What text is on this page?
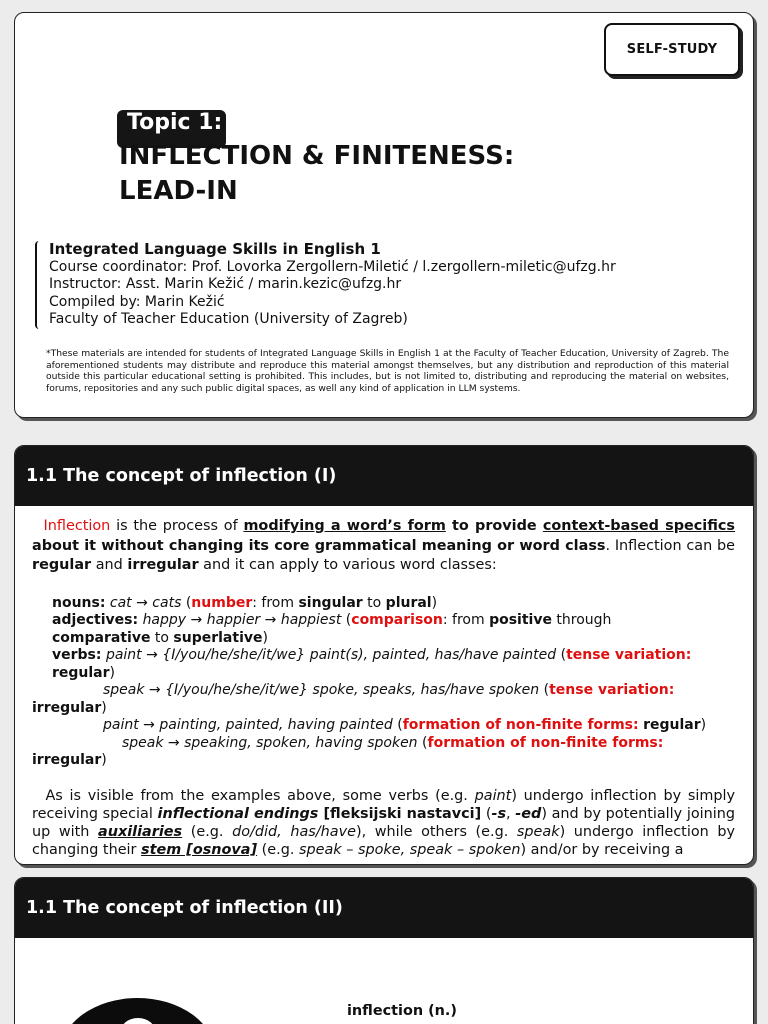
SELF-STUDY
Topic 1:
INFLECTION & FINITENESS:
LEAD-IN
Integrated Language Skills in English 1
Course coordinator: Prof. Lovorka Zergollern-Miletić / l.zergollern-miletic@ufzg.hr
Instructor: Asst. Marin Kežić / marin.kezic@ufzg.hr
Compiled by: Marin Kežić
Faculty of Teacher Education (University of Zagreb)
*These materials are intended for students of Integrated Language Skills in English 1 at the Faculty of Teacher Education, University of Zagreb. The aforementioned students may distribute and reproduce this material amongst themselves, but any distribution and reproduction of this material outside this particular educational setting is prohibited. This includes, but is not limited to, distributing and reproducing the material on websites, forums, repositories and any such public digital spaces, as well any kind of application in LLM systems.
1.1 The concept of inflection (I)
Inflection is the process of modifying a word’s form to provide context-based specifics about it without changing its core grammatical meaning or word class. Inflection can be regular and irregular and it can apply to various word classes:
nouns: cat → cats (number: from singular to plural)
adjectives: happy → happier → happiest (comparison: from positive through
comparative to superlative)
verbs: paint → {I/you/he/she/it/we} paint(s), painted, has/have painted (tense variation:
regular)
speak → {I/you/he/she/it/we} spoke, speaks, has/have spoken (tense variation:
irregular)
paint → painting, painted, having painted (formation of non-finite forms: regular)
speak → speaking, spoken, having spoken (formation of non-finite forms:
irregular)
As is visible from the examples above, some verbs (e.g. paint) undergo inflection by simply receiving special inflectional endings [fleksijski nastavci] (-s, -ed) and by potentially joining up with auxiliaries (e.g. do/did, has/have), while others (e.g. speak) undergo inflection by changing their stem [osnova] (e.g. speak – spoke, speak – spoken) and/or by receiving a
1.1 The concept of inflection (II)
inflection (n.)
